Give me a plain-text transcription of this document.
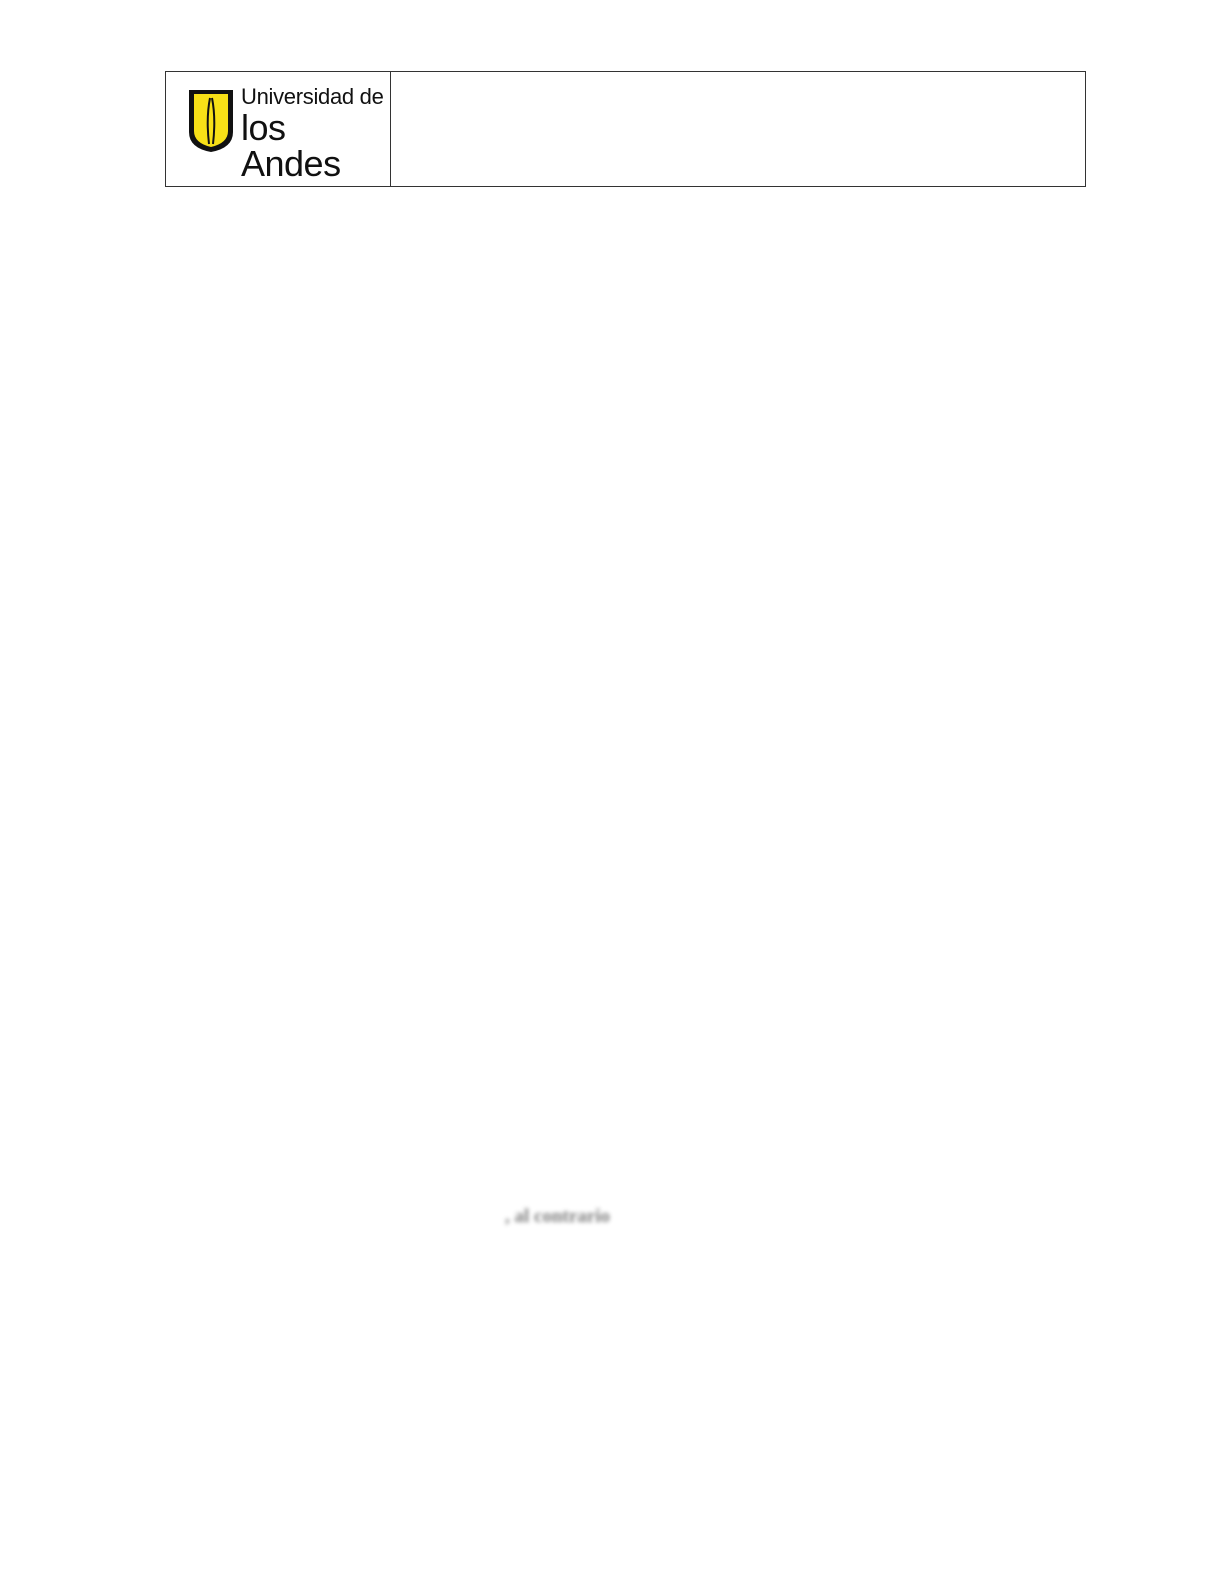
Universidad de
los Andes
, al contrario
